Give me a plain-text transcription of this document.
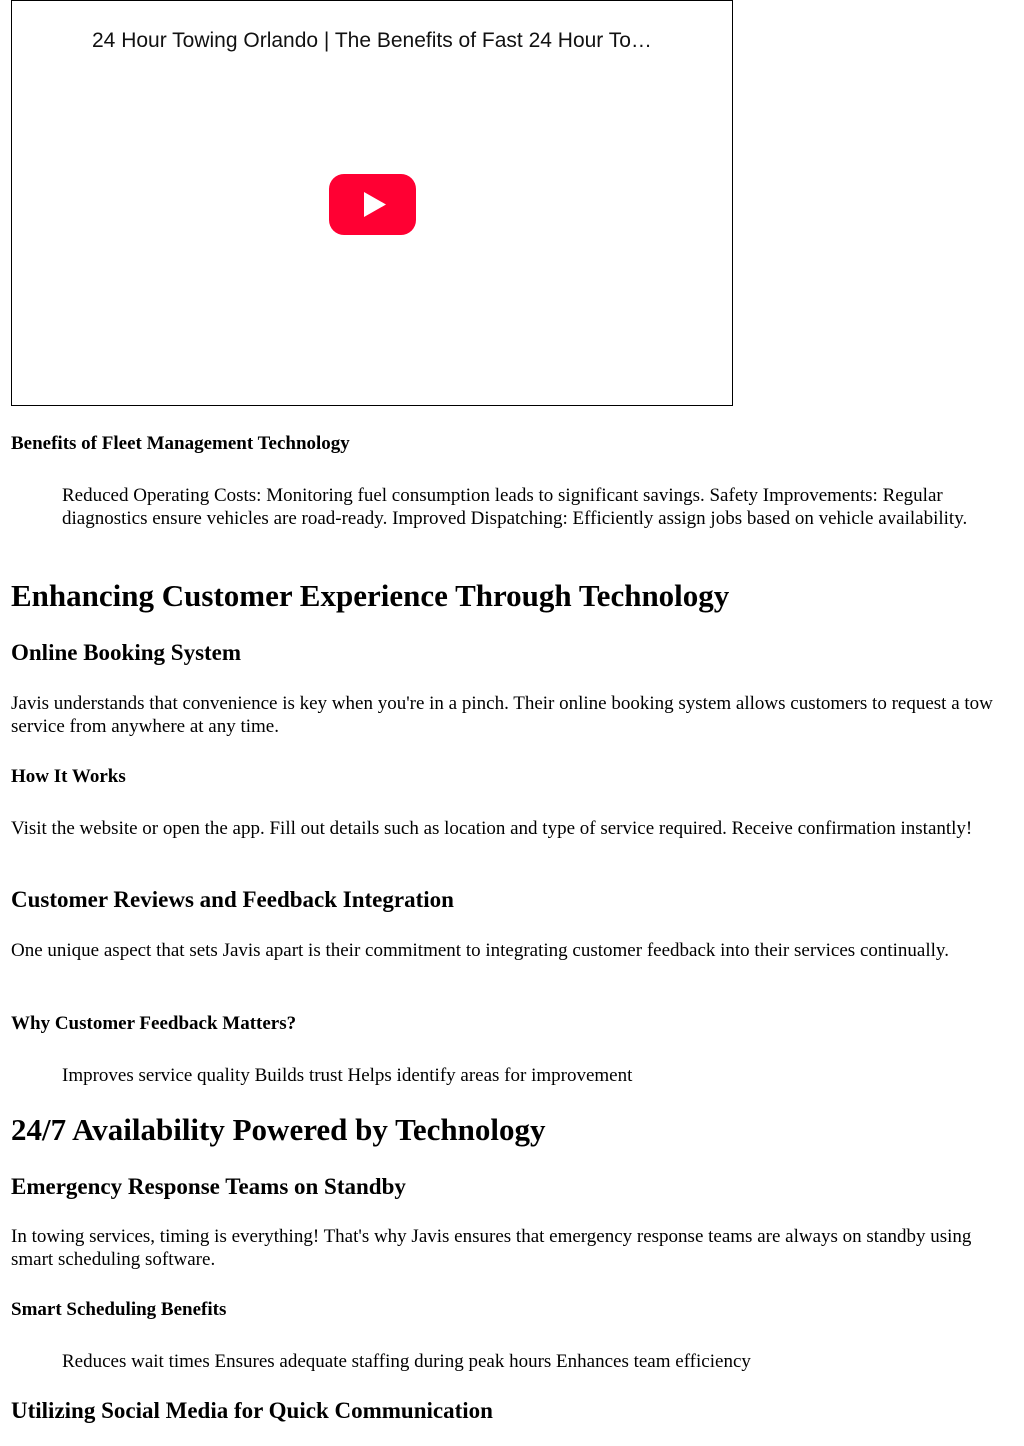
24 Hour Towing Orlando | The Benefits of Fast 24 Hour To…
Benefits of Fleet Management Technology
Reduced Operating Costs: Monitoring fuel consumption leads to significant savings. Safety Improvements: Regular diagnostics ensure vehicles are road-ready. Improved Dispatching: Efficiently assign jobs based on vehicle availability.
Enhancing Customer Experience Through Technology
Online Booking System

Javis understands that convenience is key when you're in a pinch. Their online booking system allows customers to request a tow service from anywhere at any time.

How It Works

Visit the website or open the app. Fill out details such as location and type of service required. Receive confirmation instantly!

Customer Reviews and Feedback Integration

One unique aspect that sets Javis apart is their commitment to integrating customer feedback into their services continually.

Why Customer Feedback Matters?
Improves service quality Builds trust Helps identify areas for improvement
24/7 Availability Powered by Technology
Emergency Response Teams on Standby

In towing services, timing is everything! That's why Javis ensures that emergency response teams are always on standby using smart scheduling software.

Smart Scheduling Benefits
Reduces wait times Ensures adequate staffing during peak hours Enhances team efficiency
Utilizing Social Media for Quick Communication
